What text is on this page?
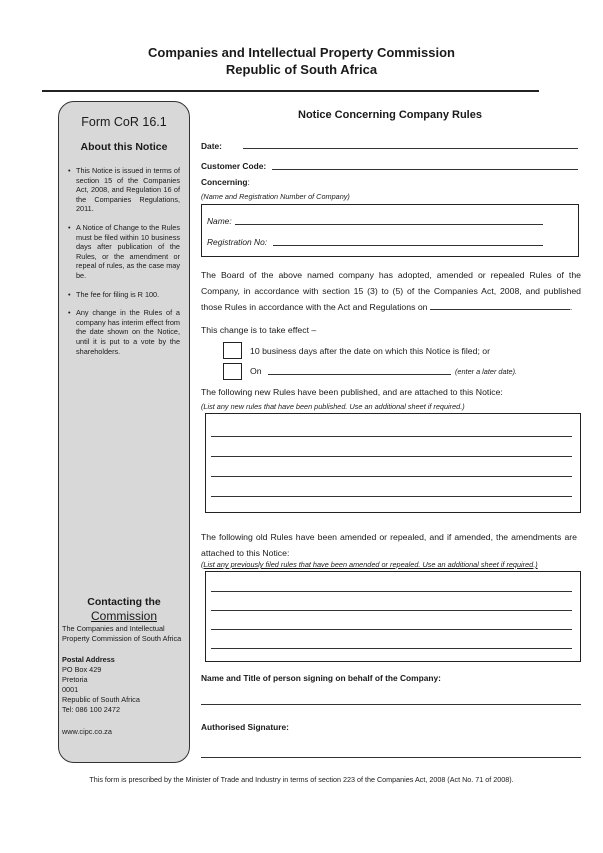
Companies and Intellectual Property Commission
Republic of South Africa
Form CoR 16.1
About this Notice
• This Notice is issued in terms of section 15 of the Companies Act, 2008, and Regulation 16 of the Companies Regulations, 2011.
• A Notice of Change to the Rules must be filed within 10 business days after publication of the Rules, or the amendment or repeal of rules, as the case may be.
• The fee for filing is R 100.
• Any change in the Rules of a company has interim effect from the date shown on the Notice, until it is put to a vote by the shareholders.
Contacting the
Commission
The Companies and Intellectual Property Commission of South Africa
Postal Address
PO Box 429
Pretoria
0001
Republic of South Africa
Tel: 086 100 2472
www.cipc.co.za
Notice Concerning Company Rules
Date:
Customer Code:
Concerning:
(Name and Registration Number of Company)
Name:
Registration No:
The Board of the above named company has adopted, amended or repealed Rules of the Company, in accordance with section 15 (3) to (5) of the Companies Act, 2008, and published those Rules in accordance with the Act and Regulations on	.
This change is to take effect –
10 business days after the date on which this Notice is filed; or
On	(enter a later date).
The following new Rules have been published, and are attached to this Notice:
(List any new rules that have been published. Use an additional sheet if required.)
The following old Rules have been amended or repealed, and if amended, the amendments are attached to this Notice:
(List any previously filed rules that have been amended or repealed. Use an additional sheet if required.)
Name and Title of person signing on behalf of the Company:
Authorised Signature:
This form is prescribed by the Minister of Trade and Industry in terms of section 223 of the Companies Act, 2008 (Act No. 71 of 2008).
